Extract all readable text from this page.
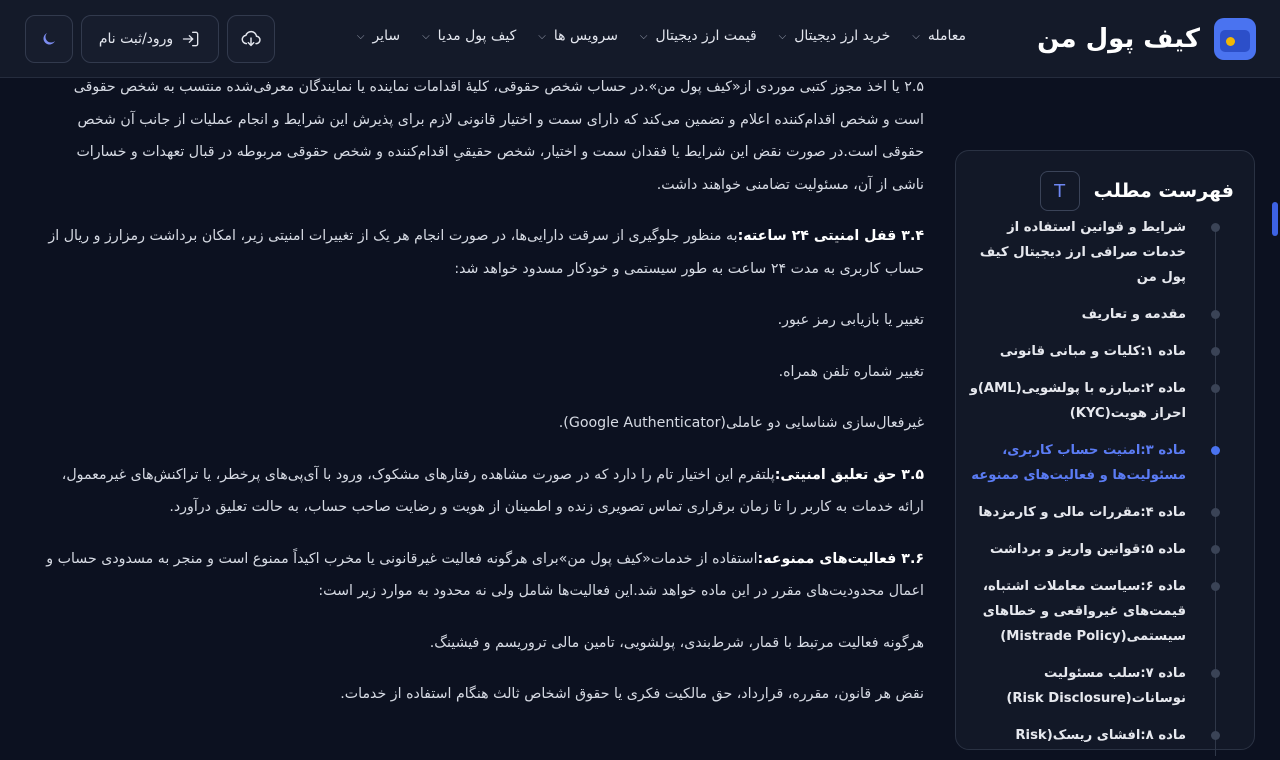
کیف پول من
معامله
⌵
خرید ارز دیجیتال
⌵
قیمت ارز دیجیتال
⌵
سرویس ها
⌵
کیف پول مدیا
⌵
سایر
⌵
ورود/ثبت نام

۲.۵ یا اخذ مجوز کتبی موردی از«کیف پول من».در حساب شخص حقوقی، کلیهٔ اقدامات نماینده یا نمایندگان معرفی‌شده منتسب به شخص حقوقی است و شخص اقدام‌کننده اعلام و تضمین می‌کند که دارای سمت و اختیار قانونی لازم برای پذیرش این شرایط و انجام عملیات از جانب آن شخص حقوقی است.در صورت نقض این شرایط یا فقدان سمت و اختیار، شخص حقیقیِ اقدام‌کننده و شخص حقوقی مربوطه در قبال تعهدات و خسارات ناشی از آن، مسئولیت تضامنی خواهند داشت.

۳.۴ قفل امنیتی ۲۴ ساعته:به منظور جلوگیری از سرقت دارایی‌ها، در صورت انجام هر یک از تغییرات امنیتی زیر، امکان برداشت رمزارز و ریال از حساب کاربری به مدت ۲۴ ساعت به طور سیستمی و خودکار مسدود خواهد شد:

تغییر یا بازیابی رمز عبور.

تغییر شماره تلفن همراه.

غیرفعال‌سازی شناسایی دو عاملی(Google Authenticator).

۳.۵ حق تعلیق امنیتی:پلتفرم این اختیار تام را دارد که در صورت مشاهده رفتارهای مشکوک، ورود با آی‌پی‌های پرخطر، یا تراکنش‌های غیرمعمول، ارائه خدمات به کاربر را تا زمان برقراری تماس تصویری زنده و اطمینان از هویت و رضایت صاحب حساب، به حالت تعلیق درآورد.

۳.۶ فعالیت‌های ممنوعه:استفاده از خدمات«کیف پول من»برای هرگونه فعالیت غیرقانونی یا مخرب اکیداً ممنوع است و منجر به مسدودی حساب و اعمال محدودیت‌های مقرر در این ماده خواهد شد.این فعالیت‌ها شامل ولی نه محدود به موارد زیر است:

هرگونه فعالیت مرتبط با قمار، شرط‌بندی، پولشویی، تامین مالی تروریسم و فیشینگ.

نقض هر قانون، مقرره، قرارداد، حق مالکیت فکری یا حقوق اشخاص ثالث هنگام استفاده از خدمات.

فهرست مطلب
T
شرایط و قوانین استفاده از خدمات صرافی ارز دیجیتال کیف پول من
مقدمه و تعاریف
ماده ۱:کلیات و مبانی قانونی
ماده ۲:مبارزه با پولشویی(AML)و احراز هویت(KYC)
ماده ۳:امنیت حساب کاربری، مسئولیت‌ها و فعالیت‌های ممنوعه
ماده ۴:مقررات مالی و کارمزدها
ماده ۵:قوانین واریز و برداشت
ماده ۶:سیاست معاملات اشتباه، قیمت‌های غیرواقعی و خطاهای سیستمی(Mistrade Policy)
ماده ۷:سلب مسئولیت نوسانات(Risk Disclosure)
ماده ۸:افشای ریسک(Risk
